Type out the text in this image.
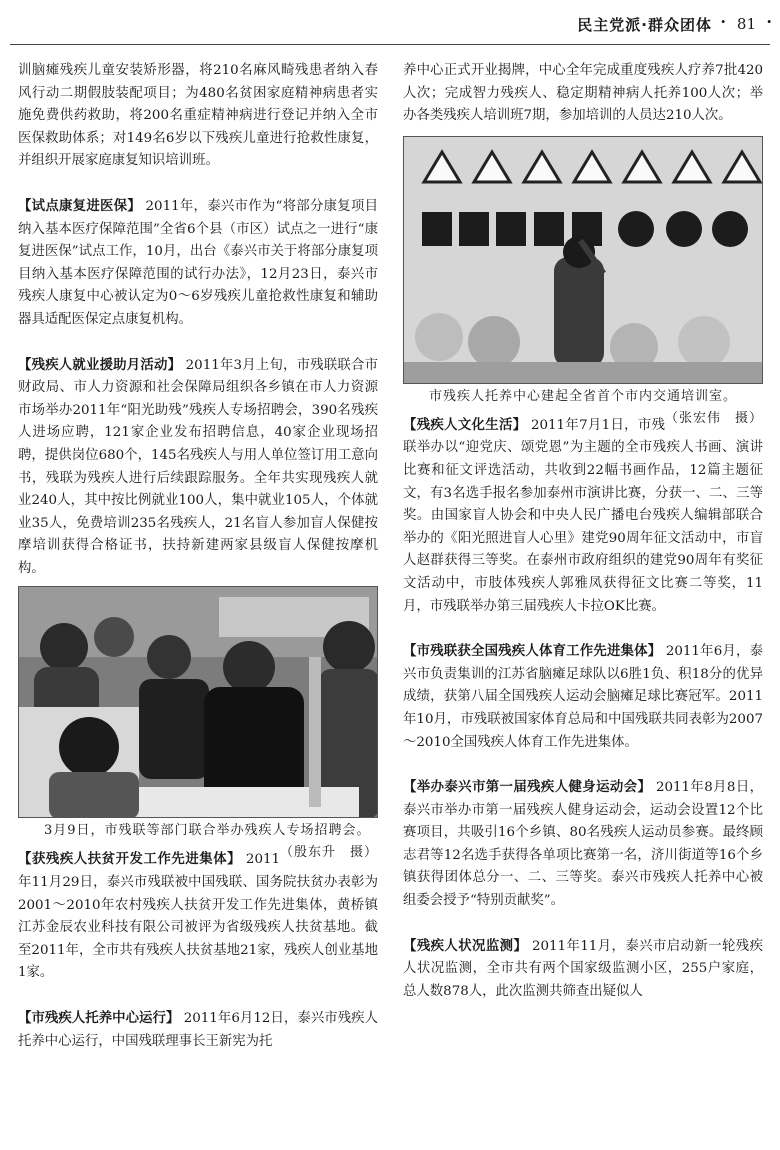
民主党派·群众团体 · 81 ·

训脑瘫残疾儿童安装矫形器，将210名麻风畸残患者纳入春风行动二期假肢装配项目；为480名贫困家庭精神病患者实施免费供药救助，将200名重症精神病进行登记并纳入全市医保救助体系；对149名6岁以下残疾儿童进行抢救性康复，并组织开展家庭康复知识培训班。

【试点康复进医保】 2011年，泰兴市作为“将部分康复项目纳入基本医疗保障范围”全省6个县（市区）试点之一进行“康复进医保”试点工作，10月，出台《泰兴市关于将部分康复项目纳入基本医疗保障范围的试行办法》，12月23日，泰兴市残疾人康复中心被认定为0～6岁残疾儿童抢救性康复和辅助器具适配医保定点康复机构。

【残疾人就业援助月活动】 2011年3月上旬，市残联联合市财政局、市人力资源和社会保障局组织各乡镇在市人力资源市场举办2011年“阳光助残”残疾人专场招聘会，390名残疾人进场应聘，121家企业发布招聘信息，40家企业现场招聘，提供岗位680个，145名残疾人与用人单位签订用工意向书，残联为残疾人进行后续跟踪服务。全年共实现残疾人就业240人，其中按比例就业100人，集中就业105人，个体就业35人，免费培训235名残疾人，21名盲人参加盲人保健按摩培训获得合格证书，扶持新建两家县级盲人保健按摩机构。

3月9日，市残联等部门联合举办残疾人专场招聘会。
（殷东升　摄）

【获残疾人扶贫开发工作先进集体】 2011年11月29日，泰兴市残联被中国残联、国务院扶贫办表彰为2001～2010年农村残疾人扶贫开发工作先进集体，黄桥镇江苏金辰农业科技有限公司被评为省级残疾人扶贫基地。截至2011年，全市共有残疾人扶贫基地21家，残疾人创业基地1家。

【市残疾人托养中心运行】 2011年6月12日，泰兴市残疾人托养中心运行，中国残联理事长王新宪为托

养中心正式开业揭牌，中心全年完成重度残疾人疗养7批420人次；完成智力残疾人、稳定期精神病人托养100人次；举办各类残疾人培训班7期，参加培训的人员达210人次。

市残疾人托养中心建起全省首个市内交通培训室。
（张宏伟　摄）

【残疾人文化生活】 2011年7月1日，市残联举办以“迎党庆、颂党恩”为主题的全市残疾人书画、演讲比赛和征文评选活动，共收到22幅书画作品，12篇主题征文，有3名选手报名参加泰州市演讲比赛，分获一、二、三等奖。由国家盲人协会和中央人民广播电台残疾人编辑部联合举办的《阳光照进盲人心里》建党90周年征文活动中，市盲人赵群获得三等奖。在泰州市政府组织的建党90周年有奖征文活动中，市肢体残疾人郭雅凤获得征文比赛二等奖，11月，市残联举办第三届残疾人卡拉OK比赛。

【市残联获全国残疾人体育工作先进集体】 2011年6月，泰兴市负责集训的江苏省脑瘫足球队以6胜1负、积18分的优异成绩，获第八届全国残疾人运动会脑瘫足球比赛冠军。2011年10月，市残联被国家体育总局和中国残联共同表彰为2007～2010全国残疾人体育工作先进集体。

【举办泰兴市第一届残疾人健身运动会】 2011年8月8日，泰兴市举办市第一届残疾人健身运动会，运动会设置12个比赛项目，共吸引16个乡镇、80名残疾人运动员参赛。最终顾志君等12名选手获得各单项比赛第一名，济川街道等16个乡镇获得团体总分一、二、三等奖。泰兴市残疾人托养中心被组委会授予“特别贡献奖”。

【残疾人状况监测】 2011年11月，泰兴市启动新一轮残疾人状况监测，全市共有两个国家级监测小区，255户家庭，总人数878人，此次监测共筛查出疑似人
